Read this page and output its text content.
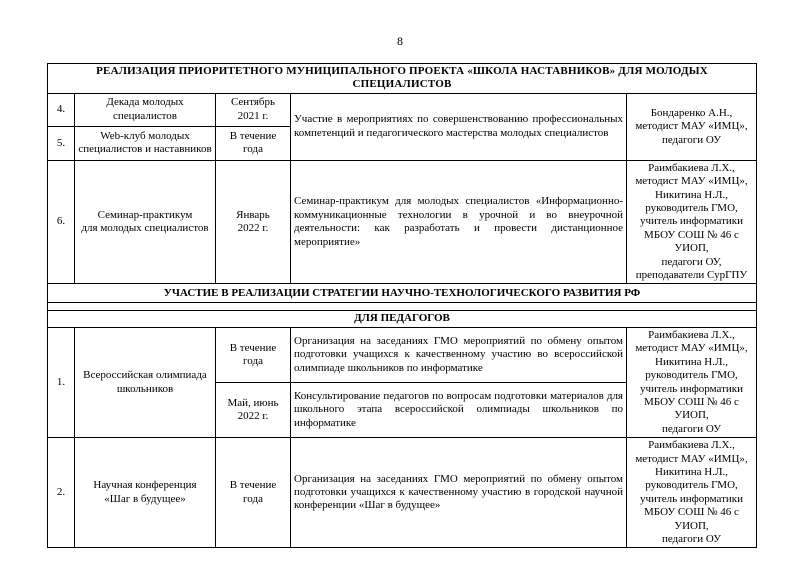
8
РЕАЛИЗАЦИЯ ПРИОРИТЕТНОГО МУНИЦИПАЛЬНОГО ПРОЕКТА «ШКОЛА НАСТАВНИКОВ» ДЛЯ МОЛОДЫХ СПЕЦИАЛИСТОВ				
4.	Декада молодых
специалистов	Сентябрь
2021 г.	Участие в мероприятиях по совершенствованию профессиональных компетенций и педагогического мастерства молодых специалистов	Бондаренко А.Н.,
методист МАУ «ИМЦ»,
педагоги ОУ
5.	Web-клуб молодых
специалистов и наставников	В течение
года		
6.	Семинар-практикум
для молодых специалистов	Январь
2022 г.	Семинар-практикум для молодых специалистов «Информационно-коммуникационные технологии в урочной и во внеурочной деятельности: как разработать и провести дистанционное мероприятие»	Раимбакиева Л.Х.,
методист МАУ «ИМЦ»,
Никитина Н.Л.,
руководитель ГМО,
учитель информатики
МБОУ СОШ № 46 с УИОП,
педагоги ОУ,
преподаватели СурГПУ
УЧАСТИЕ В РЕАЛИЗАЦИИ СТРАТЕГИИ НАУЧНО-ТЕХНОЛОГИЧЕСКОГО РАЗВИТИЯ РФ				

ДЛЯ ПЕДАГОГОВ				
1.	Всероссийская олимпиада
школьников	В течение
года	Организация на заседаниях ГМО мероприятий по обмену опытом подготовки учащихся к качественному участию во всероссийской олимпиаде школьников по информатике	Раимбакиева Л.Х.,
методист МАУ «ИМЦ»,
Никитина Н.Л.,
руководитель ГМО,
учитель информатики
МБОУ СОШ № 46 с УИОП,
педагоги ОУ
		Май, июнь
2022 г.	Консультирование педагогов по вопросам подготовки материалов для школьного этапа всероссийской олимпиады школьников по информатике	
2.	Научная конференция
«Шаг в будущее»	В течение
года	Организация на заседаниях ГМО мероприятий по обмену опытом подготовки учащихся к качественному участию в городской научной конференции «Шаг в будущее»	Раимбакиева Л.Х.,
методист МАУ «ИМЦ»,
Никитина Н.Л.,
руководитель ГМО,
учитель информатики
МБОУ СОШ № 46 с УИОП,
педагоги ОУ
